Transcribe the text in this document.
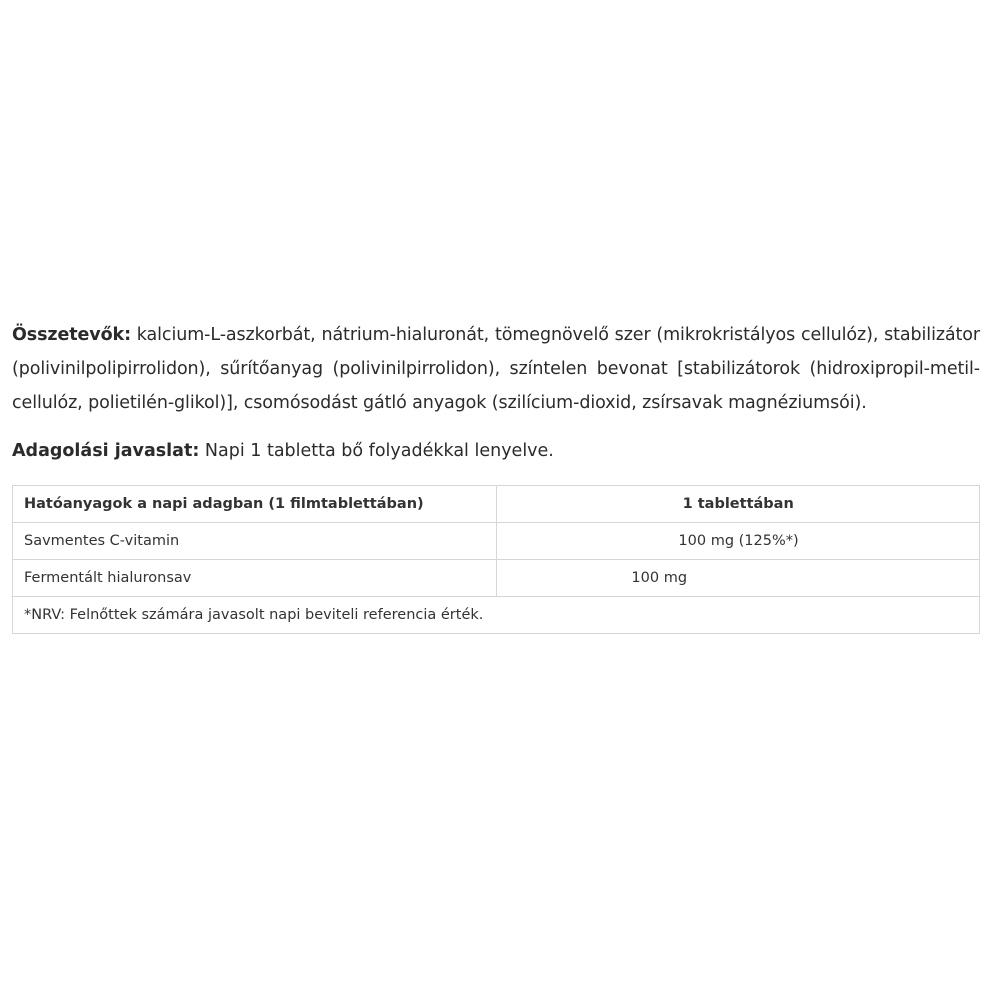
Összetevők: kalcium-L-aszkorbát, nátrium-hialuronát, tömegnövelő szer (mikrokristályos cellulóz), stabilizátor (polivinilpolipirrolidon), sűrítőanyag (polivinilpirrolidon), színtelen bevonat [stabilizátorok (hidroxipropil-metil-cellulóz, polietilén-glikol)], csomósodást gátló anyagok (szilícium-dioxid, zsírsavak magnéziumsói).

Adagolási javaslat: Napi 1 tabletta bő folyadékkal lenyelve.

Hatóanyagok a napi adagban (1 filmtablettában)	1 tablettában
Savmentes C-vitamin	100 mg (125%*)
Fermentált hialuronsav	100 mg
*NRV: Felnőttek számára javasolt napi beviteli referencia érték.	
